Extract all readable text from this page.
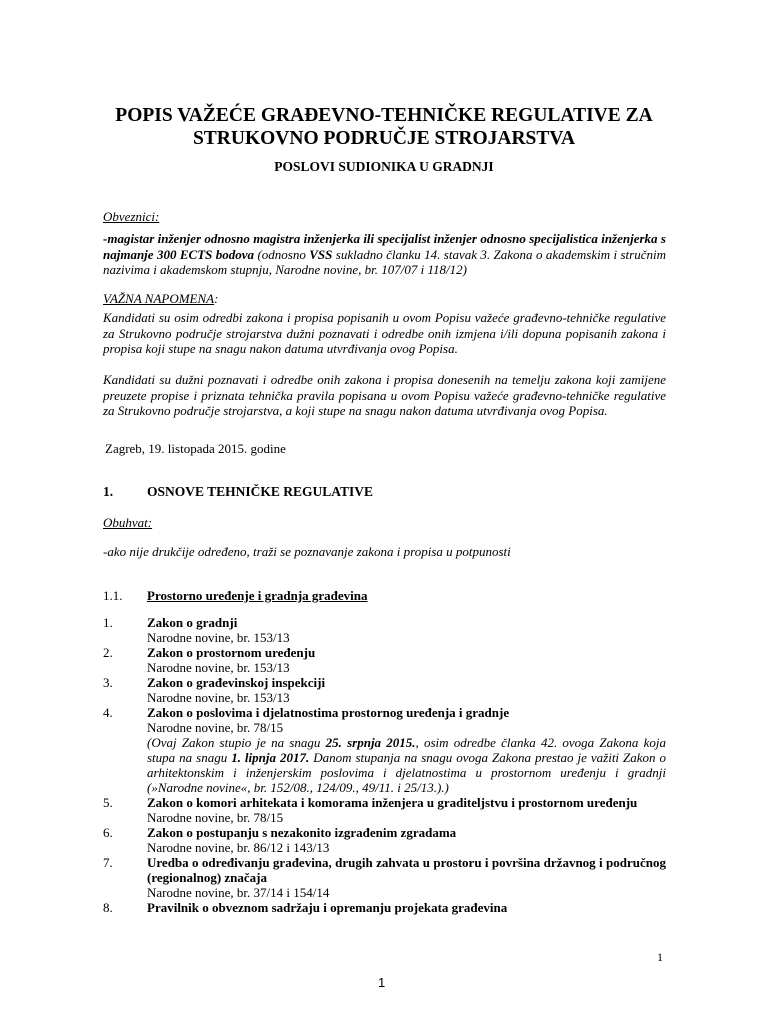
POPIS VAŽEĆE GRAĐEVNO-TEHNIČKE REGULATIVE ZA
STRUKOVNO PODRUČJE STROJARSTVA
POSLOVI SUDIONIKA U GRADNJI
Obveznici:
-magistar inženjer odnosno magistra inženjerka ili specijalist inženjer odnosno specijalistica inženjerka s najmanje 300 ECTS bodova (odnosno VSS sukladno članku 14. stavak 3. Zakona o akademskim i stručnim nazivima i akademskom stupnju, Narodne novine, br. 107/07 i 118/12)
VAŽNA NAPOMENA:
Kandidati su osim odredbi zakona i propisa popisanih u ovom Popisu važeće građevno-tehničke regulative za Strukovno područje strojarstva dužni poznavati i odredbe onih izmjena i/ili dopuna popisanih zakona i propisa koji stupe na snagu nakon datuma utvrđivanja ovog Popisa.
Kandidati su dužni poznavati i odredbe onih zakona i propisa donesenih na temelju zakona koji zamijene preuzete propise i priznata tehnička pravila popisana u ovom Popisu važeće građevno-tehničke regulative za Strukovno područje strojarstva, a koji stupe na snagu nakon datuma utvrđivanja ovog Popisa.
Zagreb, 19. listopada 2015. godine
1.	OSNOVE TEHNIČKE REGULATIVE
Obuhvat:
-ako nije drukčije određeno, traži se poznavanje zakona i propisa u potpunosti
1.1. Prostorno uređenje i gradnja građevina
1.	Zakon o gradnji
Narodne novine, br. 153/13
2.	Zakon o prostornom uređenju
Narodne novine, br. 153/13
3.	Zakon o građevinskoj inspekciji
Narodne novine, br. 153/13
4.	Zakon o poslovima i djelatnostima prostornog uređenja i gradnje
Narodne novine, br. 78/15
(Ovaj Zakon stupio je na snagu 25. srpnja 2015., osim odredbe članka 42. ovoga Zakona koja stupa na snagu 1. lipnja 2017. Danom stupanja na snagu ovoga Zakona prestao je važiti Zakon o arhitektonskim i inženjerskim poslovima i djelatnostima u prostornom uređenju i gradnji (»Narodne novine«, br. 152/08., 124/09., 49/11. i 25/13.).)
5.	Zakon o komori arhitekata i komorama inženjera u graditeljstvu i prostornom uređenju
Narodne novine, br. 78/15
6.	Zakon o postupanju s nezakonito izgrađenim zgradama
Narodne novine, br. 86/12 i 143/13
7.	Uredba o određivanju građevina, drugih zahvata u prostoru i površina državnog i područnog (regionalnog) značaja
Narodne novine, br. 37/14 i 154/14
8.	Pravilnik o obveznom sadržaju i opremanju projekata građevina
1
1
